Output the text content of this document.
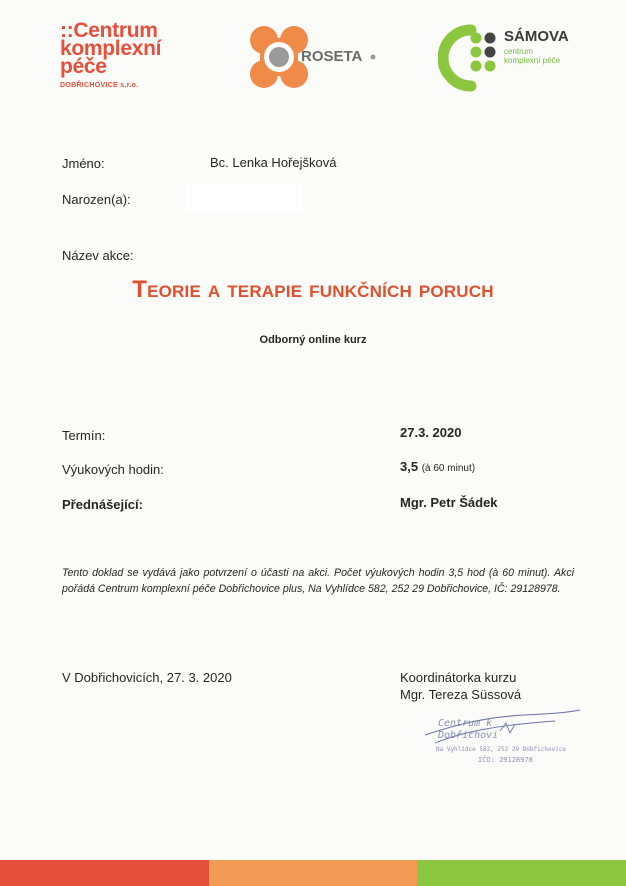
::Centrum
komplexní
péče
DOBŘICHOVICE s.r.o.
ROSETA
SÁMOVA
centrum
komplexní péče
Jméno:	Bc. Lenka Hořejšková
Narozen(a):
Název akce:
Teorie a terapie funkčních poruch
Odborný online kurz
Termín:	27.3. 2020
Výukových hodin:	3,5 (à 60 minut)
Přednášející:	Mgr. Petr Šádek
Tento doklad se vydává jako potvrzení o účasti na akci. Počet výukových hodin 3,5 hod (à 60 minut). Akci pořádá Centrum komplexní péče Dobřichovice plus, Na Vyhlídce 582, 252 29 Dobřichovice, IČ: 29128978.
V Dobřichovicích, 27. 3. 2020	Koordinátorka kurzu
Mgr. Tereza Süssová
Centrum k
Dobřichovi
Na Vyhlídce 582, 252 29 Dobřichovice
IČO: 29128978
